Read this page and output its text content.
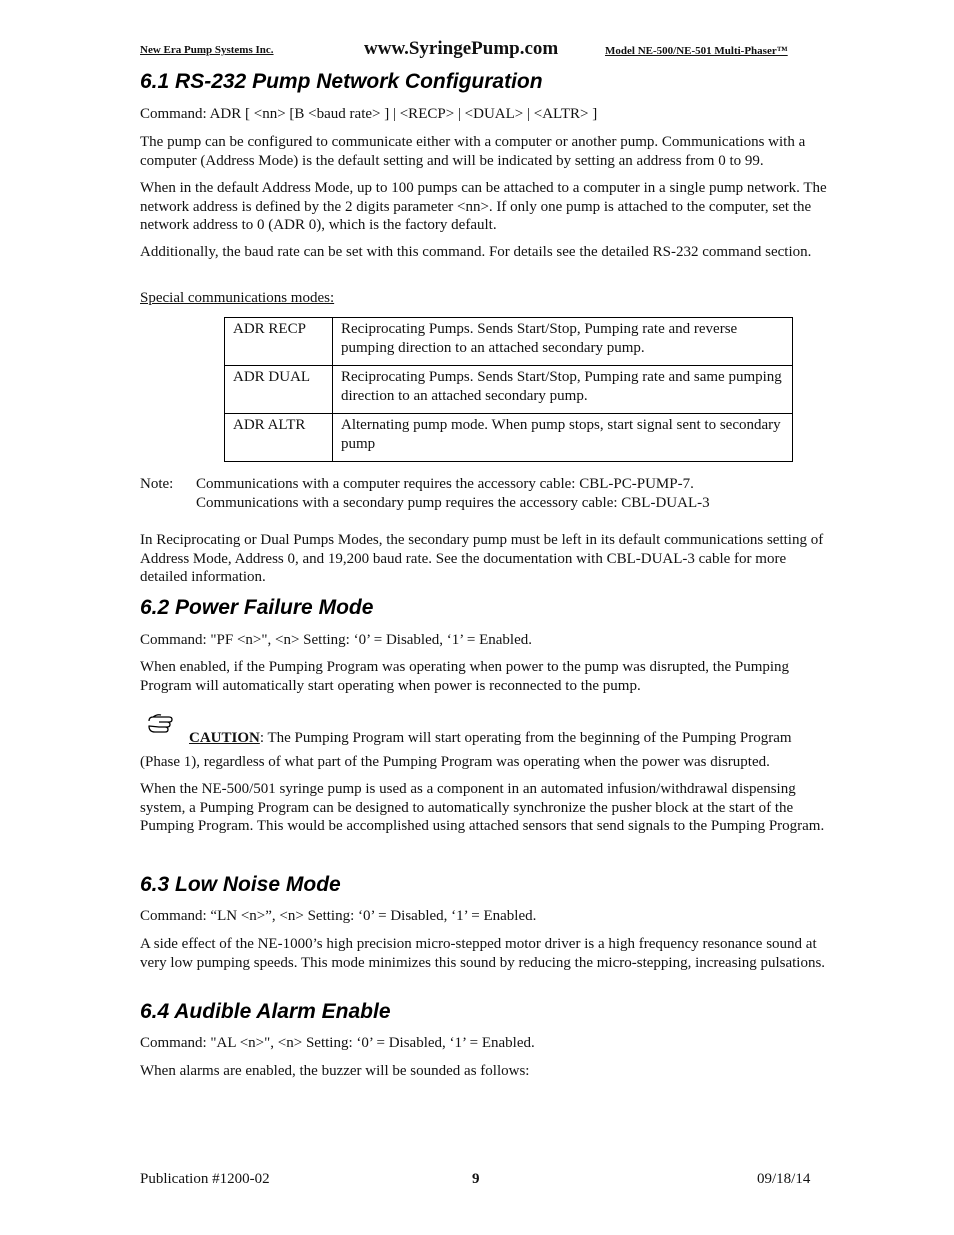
New Era Pump Systems Inc.	www.SyringePump.com	Model NE-500/NE-501 Multi-Phaser™
6.1 RS-232 Pump Network Configuration

Command: ADR [ <nn> [B <baud rate> ] | <RECP> | <DUAL> | <ALTR> ]

The pump can be configured to communicate either with a computer or another pump. Communications with a computer (Address Mode) is the default setting and will be indicated by setting an address from 0 to 99.

When in the default Address Mode, up to 100 pumps can be attached to a computer in a single pump network. The network address is defined by the 2 digits parameter <nn>. If only one pump is attached to the computer, set the network address to 0 (ADR 0), which is the factory default.

Additionally, the baud rate can be set with this command. For details see the detailed RS-232 command section.

Special communications modes:

ADR RECP	Reciprocating Pumps. Sends Start/Stop, Pumping rate and reverse pumping direction to an attached secondary pump.
ADR DUAL	Reciprocating Pumps. Sends Start/Stop, Pumping rate and same pumping direction to an attached secondary pump.
ADR ALTR	Alternating pump mode. When pump stops, start signal sent to secondary pump
Note: Communications with a computer requires the accessory cable: CBL-PC-PUMP-7.
Communications with a secondary pump requires the accessory cable: CBL-DUAL-3

In Reciprocating or Dual Pumps Modes, the secondary pump must be left in its default communications setting of Address Mode, Address 0, and 19,200 baud rate. See the documentation with CBL-DUAL-3 cable for more detailed information.

6.2 Power Failure Mode

Command: "PF <n>", <n> Setting: ‘0’ = Disabled, ‘1’ = Enabled.

When enabled, if the Pumping Program was operating when power to the pump was disrupted, the Pumping Program will automatically start operating when power is reconnected to the pump.

CAUTION: The Pumping Program will start operating from the beginning of the Pumping Program

(Phase 1), regardless of what part of the Pumping Program was operating when the power was disrupted.

When the NE-500/501 syringe pump is used as a component in an automated infusion/withdrawal dispensing system, a Pumping Program can be designed to automatically synchronize the pusher block at the start of the Pumping Program. This would be accomplished using attached sensors that send signals to the Pumping Program.

6.3 Low Noise Mode

Command: “LN <n>”, <n> Setting: ‘0’ = Disabled, ‘1’ = Enabled.

A side effect of the NE-1000’s high precision micro-stepped motor driver is a high frequency resonance sound at very low pumping speeds. This mode minimizes this sound by reducing the micro-stepping, increasing pulsations.

6.4 Audible Alarm Enable

Command: "AL <n>", <n> Setting: ‘0’ = Disabled, ‘1’ = Enabled.

When alarms are enabled, the buzzer will be sounded as follows:

Publication #1200-02	9	09/18/14
